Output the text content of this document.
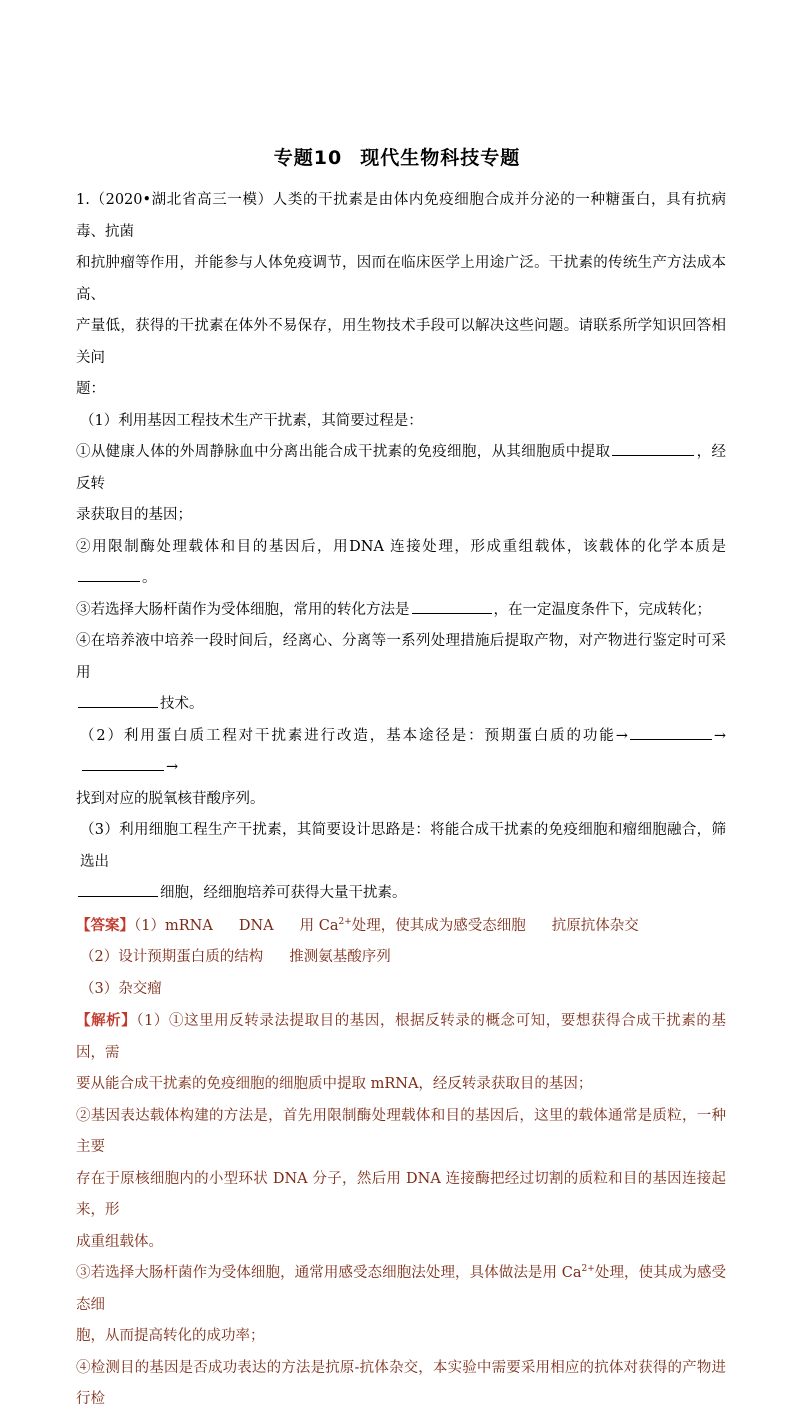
专题10 现代生物科技专题

1.（2020•湖北省高三一模）人类的干扰素是由体内免疫细胞合成并分泌的一种糖蛋白，具有抗病毒、抗菌

和抗肿瘤等作用，并能参与人体免疫调节，因而在临床医学上用途广泛。干扰素的传统生产方法成本高、

产量低，获得的干扰素在体外不易保存，用生物技术手段可以解决这些问题。请联系所学知识回答相关问

题：

（1）利用基因工程技术生产干扰素，其简要过程是：

①从健康人体的外周静脉血中分离出能合成干扰素的免疫细胞，从其细胞质中提取	，经反转

录获取目的基因；

②用限制酶处理载体和目的基因后，用DNA 连接处理，形成重组载体，该载体的化学本质是。

③若选择大肠杆菌作为受体细胞，常用的转化方法是	，在一定温度条件下，完成转化；

④在培养液中培养一段时间后，经离心、分离等一系列处理措施后提取产物，对产物进行鉴定时可采用

技术。

（2）利用蛋白质工程对干扰素进行改造，基本途径是：预期蛋白质的功能→	→→

找到对应的脱氧核苷酸序列。

（3）利用细胞工程生产干扰素，其简要设计思路是：将能合成干扰素的免疫细胞和瘤细胞融合，筛选出

细胞，经细胞培养可获得大量干扰素。

【答案】（1）mRNA DNA 用 $Ca^{2+}$处理，使其成为感受态细胞 抗原抗体杂交

（2）设计预期蛋白质的结构 推测氨基酸序列

（3）杂交瘤

【解析】（1）①这里用反转录法提取目的基因，根据反转录的概念可知，要想获得合成干扰素的基因，需

要从能合成干扰素的免疫细胞的细胞质中提取 mRNA，经反转录获取目的基因；

②基因表达载体构建的方法是，首先用限制酶处理载体和目的基因后，这里的载体通常是质粒，一种主要

存在于原核细胞内的小型环状 DNA 分子，然后用 DNA 连接酶把经过切割的质粒和目的基因连接起来，形

成重组载体。

③若选择大肠杆菌作为受体细胞，通常用感受态细胞法处理，具体做法是用 $Ca^{2+}$处理，使其成为感受态细

胞，从而提高转化的成功率；

④检测目的基因是否成功表达的方法是抗原-抗体杂交，本实验中需要采用相应的抗体对获得的产物进行检
